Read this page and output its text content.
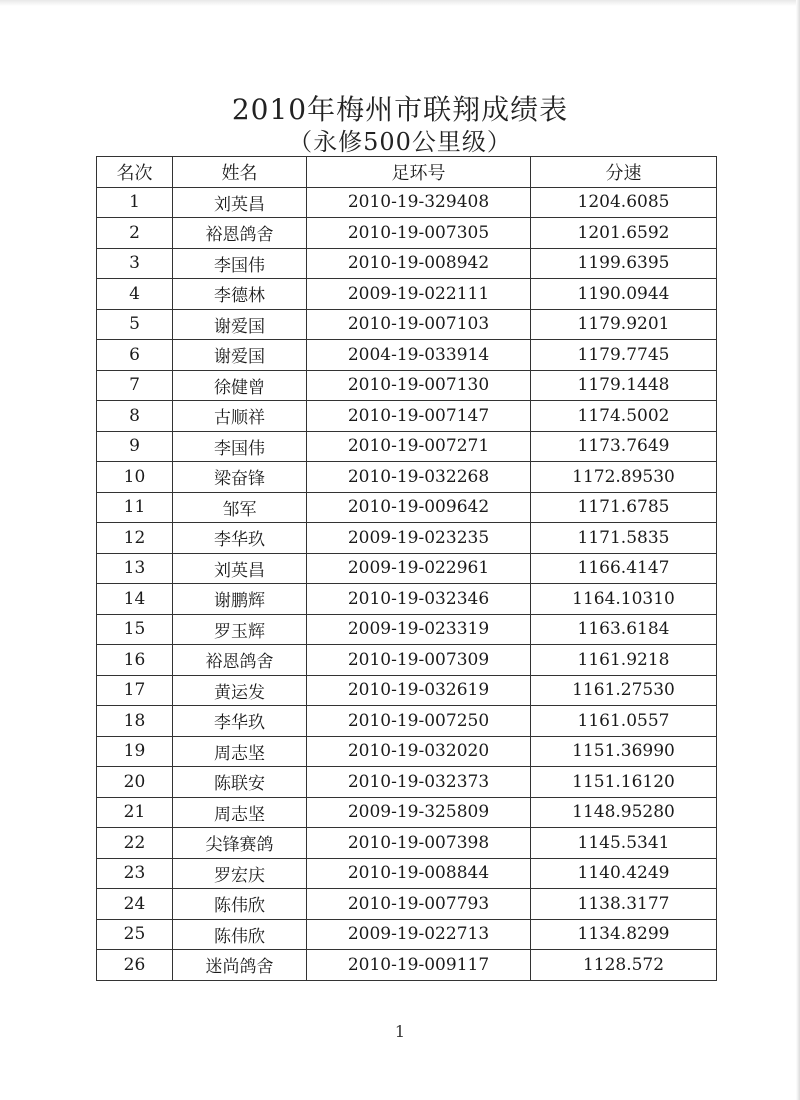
2010年梅州市联翔成绩表
（永修500公里级）
名次	姓名	足环号	分速
1	刘英昌	2010-19-329408	1204.6085
2	裕恩鸽舍	2010-19-007305	1201.6592
3	李国伟	2010-19-008942	1199.6395
4	李德林	2009-19-022111	1190.0944
5	谢爱国	2010-19-007103	1179.9201
6	谢爱国	2004-19-033914	1179.7745
7	徐健曾	2010-19-007130	1179.1448
8	古顺祥	2010-19-007147	1174.5002
9	李国伟	2010-19-007271	1173.7649
10	梁奋锋	2010-19-032268	1172.89530
11	邹军	2010-19-009642	1171.6785
12	李华玖	2009-19-023235	1171.5835
13	刘英昌	2009-19-022961	1166.4147
14	谢鹏辉	2010-19-032346	1164.10310
15	罗玉辉	2009-19-023319	1163.6184
16	裕恩鸽舍	2010-19-007309	1161.9218
17	黄运发	2010-19-032619	1161.27530
18	李华玖	2010-19-007250	1161.0557
19	周志坚	2010-19-032020	1151.36990
20	陈联安	2010-19-032373	1151.16120
21	周志坚	2009-19-325809	1148.95280
22	尖锋赛鸽	2010-19-007398	1145.5341
23	罗宏庆	2010-19-008844	1140.4249
24	陈伟欣	2010-19-007793	1138.3177
25	陈伟欣	2009-19-022713	1134.8299
26	迷尚鸽舍	2010-19-009117	1128.572
1
